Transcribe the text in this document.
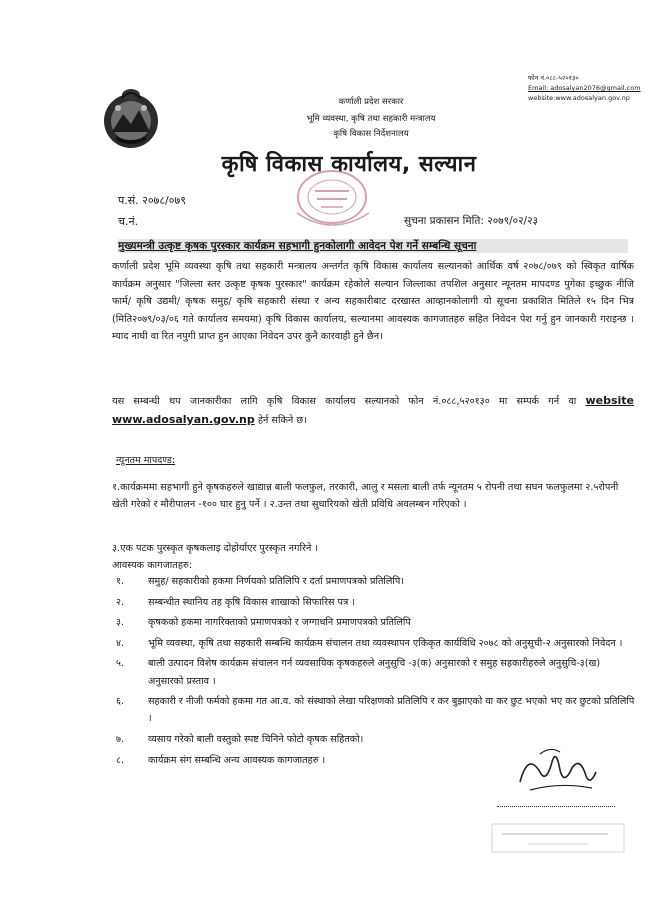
फोन नं.०८८-५२०१३०
Email: adosalyan2076@gmail.com
website:www.adosalyan.gov.np
कर्णाली प्रदेश सरकार
भूमि व्यवस्था, कृषि तथा सहकारी मन्त्रालय
कृषि विकास निर्देशनालय
कृषि विकास कार्यालय, सल्यान
प.सं. २०७८/०७९
च.नं.	सुचना प्रकासन मिति: २०७९/०२/२३
मुख्यमन्त्री उत्कृष्ट कृषक पुरस्कार कार्यक्रम सहभागी हुनकोलागी आवेदन पेश गर्ने सम्बन्धि सूचना
कर्णाली प्रदेश भूमि व्यवस्था कृषि तथा सहकारी मन्त्रालय अन्तर्गत कृषि विकास कार्यालय सल्यानको आर्थिक वर्ष २०७८/०७९ को स्विकृत वार्षिक कार्यक्रम अनुसार "जिल्ला स्तर उत्कृष्ट कृषक पुरस्कार" कार्यक्रम रहेकोले सल्यान जिल्लाका तपशिल अनुसार न्यूनतम मापदण्ड पुगेका इच्छुक नीजि फार्म/ कृषि उद्यमी/ कृषक समुह/ कृषि सहकारी संस्था र अन्य सहकारीबाट दरखास्त आव्हानकोलागी यो सूचना प्रकाशित मितिले १५ दिन भित्र (मिति२०७९/०३/०६ गते कार्यालय समयमा) कृषि विकास कार्यालय, सल्यानमा आवस्यक कागजातहरु सहित निवेदन पेश गर्नु हुन जानकारी गराइन्छ ।म्याद नाघी वा रित नपुगी प्राप्त हुन आएका निवेदन उपर कुनै कारवाही हुने छैन।
यस सम्बन्धी थप जानकारीका लागि कृषि विकास कार्यालय सल्यानको फोन नं.०८८,५२०१३० मा सम्पर्क गर्न वा website www.adosalyan.gov.np हेर्न सकिने छ।
न्यूनतम मापदण्ड:
१.कार्यक्रममा सहभागी हुने कृषकहरुले खाद्यान्न बाली फलफुल, तरकारी, आलु र मसला बाली तर्फ न्यूनतम ५ रोपनी तथा सघन फलफुलमा २.५रोपनी खेती गरेको र मौरीपालन -१०० घार हुनु पर्ने । २.उन्त तथा सुधारियको खेती प्रविधि अवलम्बन गरिएको ।
३.एक पटक पुरस्कृत कृषकलाइ दोहोर्याएर पुरस्कृत नगरिने ।
आवस्यक कागजातहरु:
१.	समुह/ सहकारीको हकमा निर्णयको प्रतिलिपि र दर्ता प्रमाणपत्रको प्रतिलिपि।
२.	सम्बन्धीत स्थानिय तह कृषि विकास शाखाको सिफारिस पत्र ।
३.	कृषकको हकमा नागरिक्ताको प्रमाणपत्रको र जग्गाधनि प्रमाणपत्रको प्रतिलिपि
४.	भूमि व्यवस्था, कृषि तथा सहकारी सम्बन्धि कार्यक्रम संचालन तथा व्यवस्थापन एकिकृत कार्यविधि २०७८ को अनुसूची-२ अनुसारको निवेदन ।
५.	बाली उत्पादन विशेष कार्यक्रम संचालन गर्न व्यवसायिक कृषकहरुले अनुसुचि -३(क) अनुसारको र समुह सहकारीहरुले अनुसुचि-३(ख) अनुसारको प्रस्ताव ।
६.	सहकारी र नीजी फर्मको हकमा गत आ.व. को संस्थाको लेखा परिक्षणको प्रतिलिपि र कर बुझाएको वा कर छुट भएको भए कर छुटको प्रतिलिपि ।
७.	व्यसाय गरेको बाली वस्तुको स्पष्ट चिनिने फोटो कृषक सहितको।
८.	कार्यक्रम संग सम्बन्धि अन्य आवस्यक कागजातहरु ।
